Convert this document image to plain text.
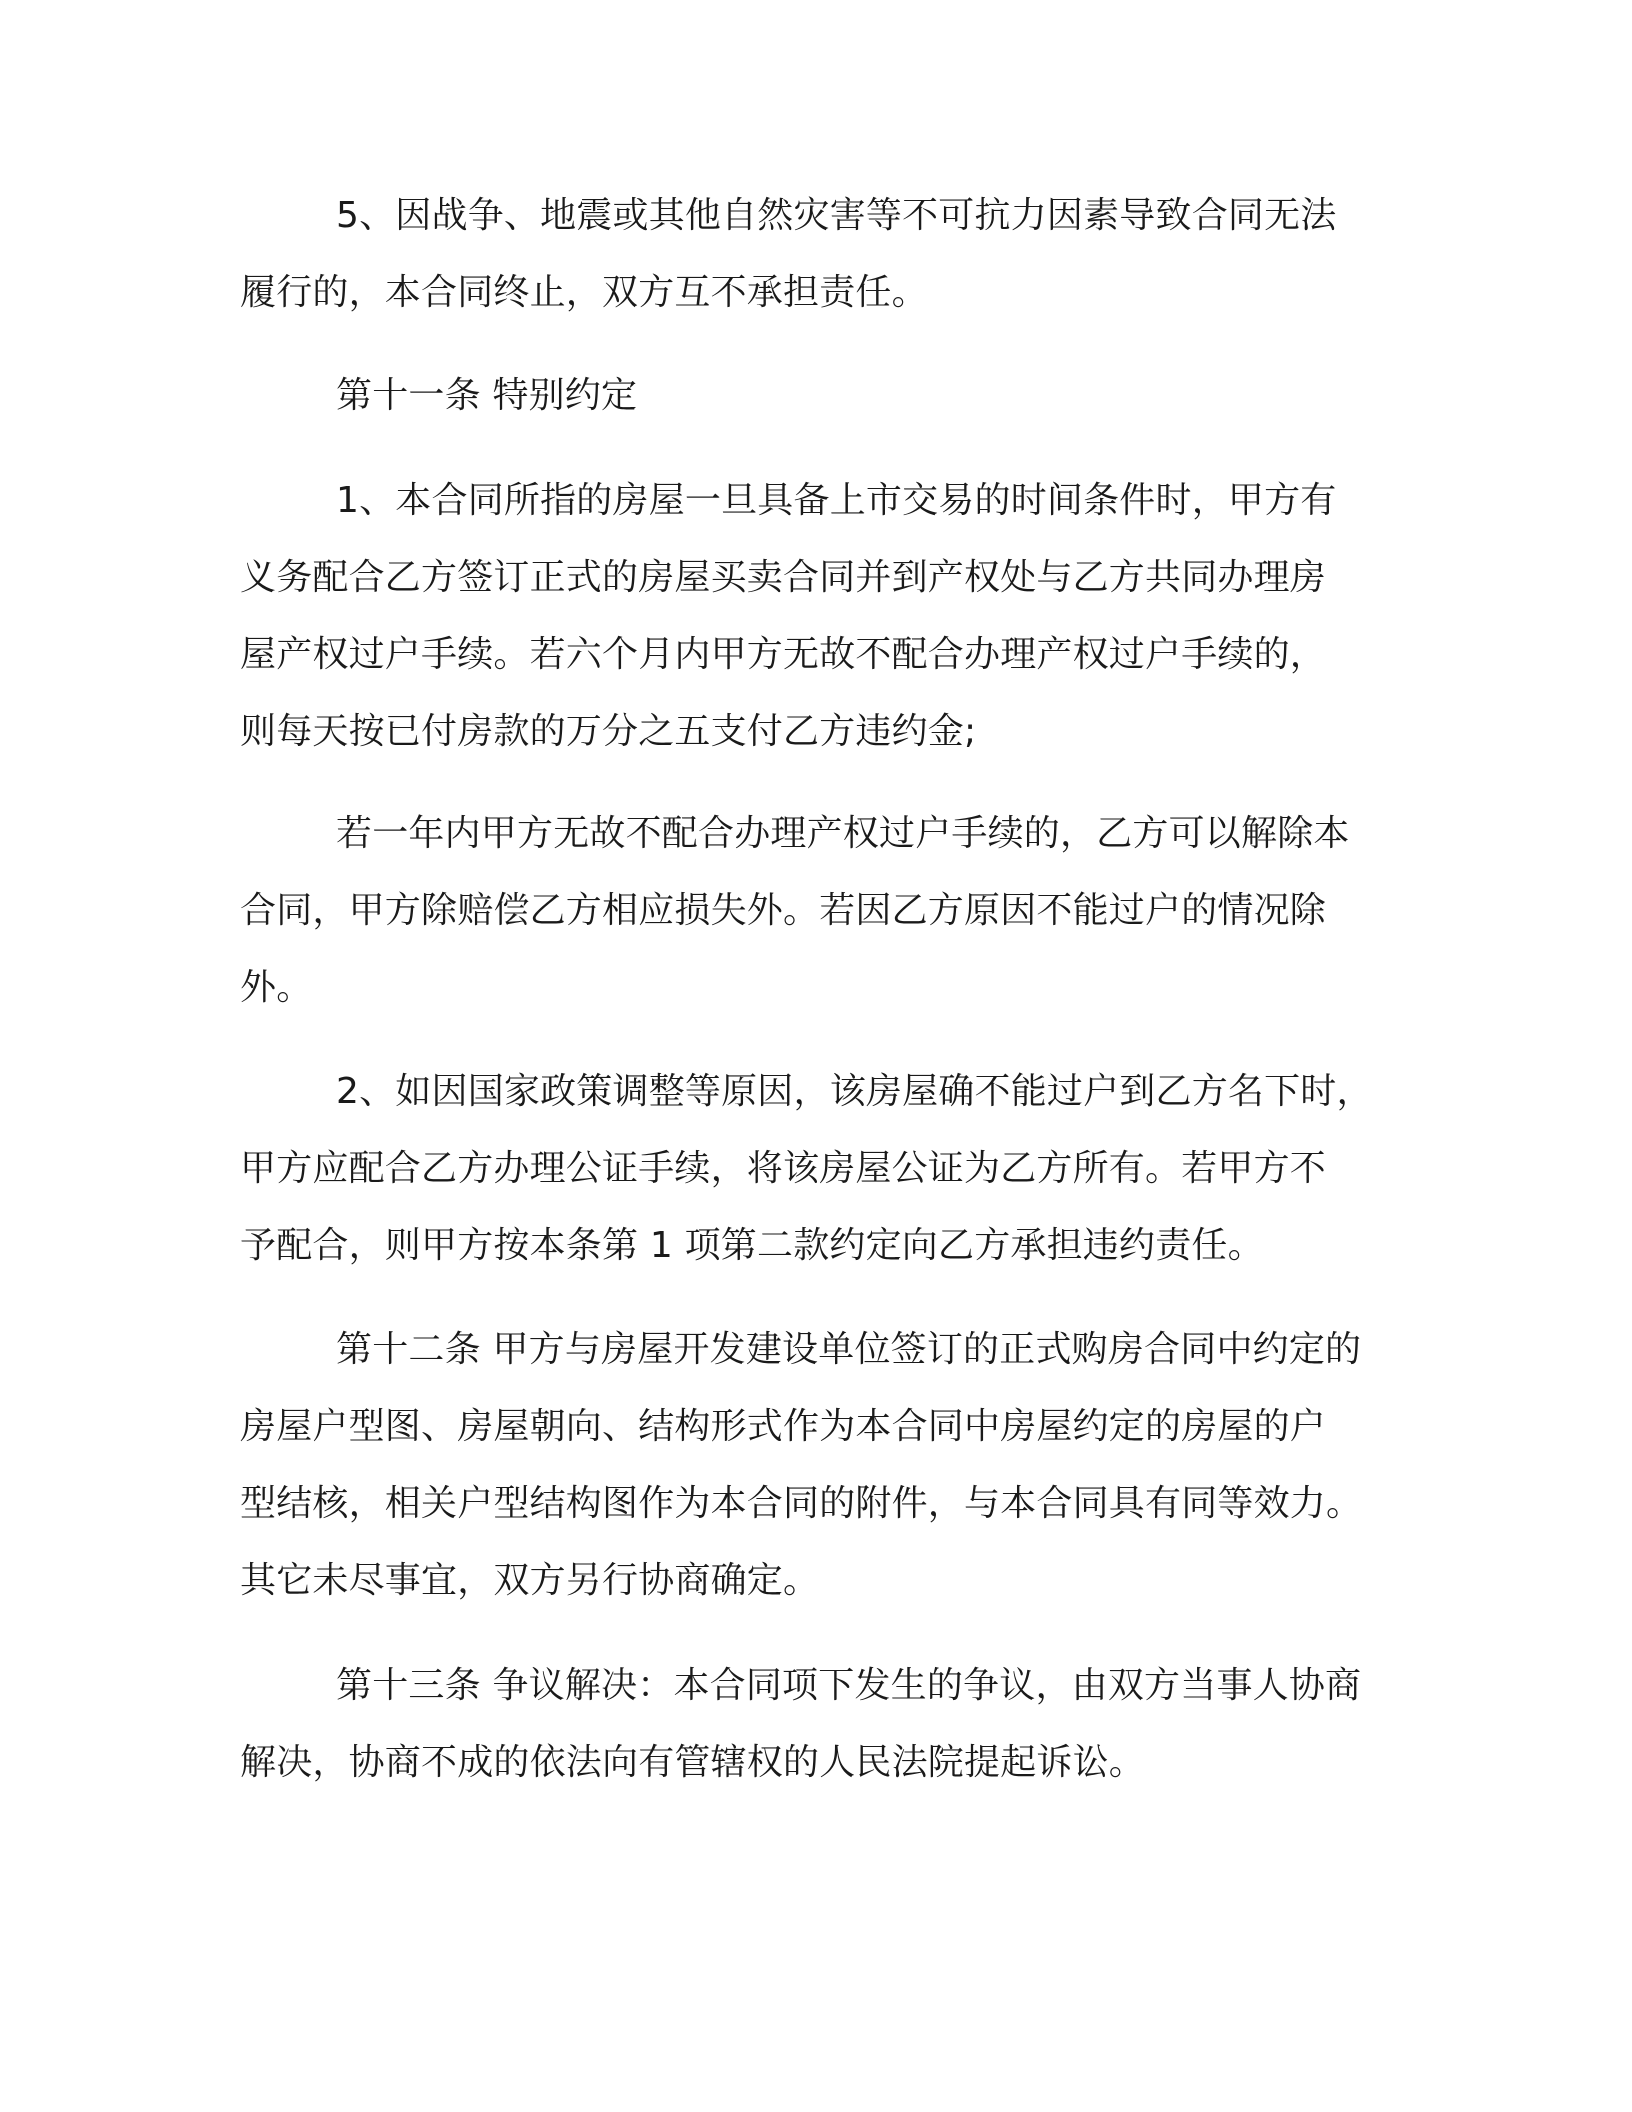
5、因战争、地震或其他自然灾害等不可抗力因素导致合同无法
履行的，本合同终止，双方互不承担责任。
第十一条 特别约定
1、本合同所指的房屋一旦具备上市交易的时间条件时，甲方有
义务配合乙方签订正式的房屋买卖合同并到产权处与乙方共同办理房
屋产权过户手续。若六个月内甲方无故不配合办理产权过户手续的，
则每天按已付房款的万分之五支付乙方违约金;
若一年内甲方无故不配合办理产权过户手续的，乙方可以解除本
合同，甲方除赔偿乙方相应损失外。若因乙方原因不能过户的情况除
外。
2、如因国家政策调整等原因，该房屋确不能过户到乙方名下时，
甲方应配合乙方办理公证手续，将该房屋公证为乙方所有。若甲方不
予配合，则甲方按本条第 1 项第二款约定向乙方承担违约责任。
第十二条 甲方与房屋开发建设单位签订的正式购房合同中约定的
房屋户型图、房屋朝向、结构形式作为本合同中房屋约定的房屋的户
型结核，相关户型结构图作为本合同的附件，与本合同具有同等效力。
其它未尽事宜，双方另行协商确定。
第十三条 争议解决：本合同项下发生的争议，由双方当事人协商
解决，协商不成的依法向有管辖权的人民法院提起诉讼。
